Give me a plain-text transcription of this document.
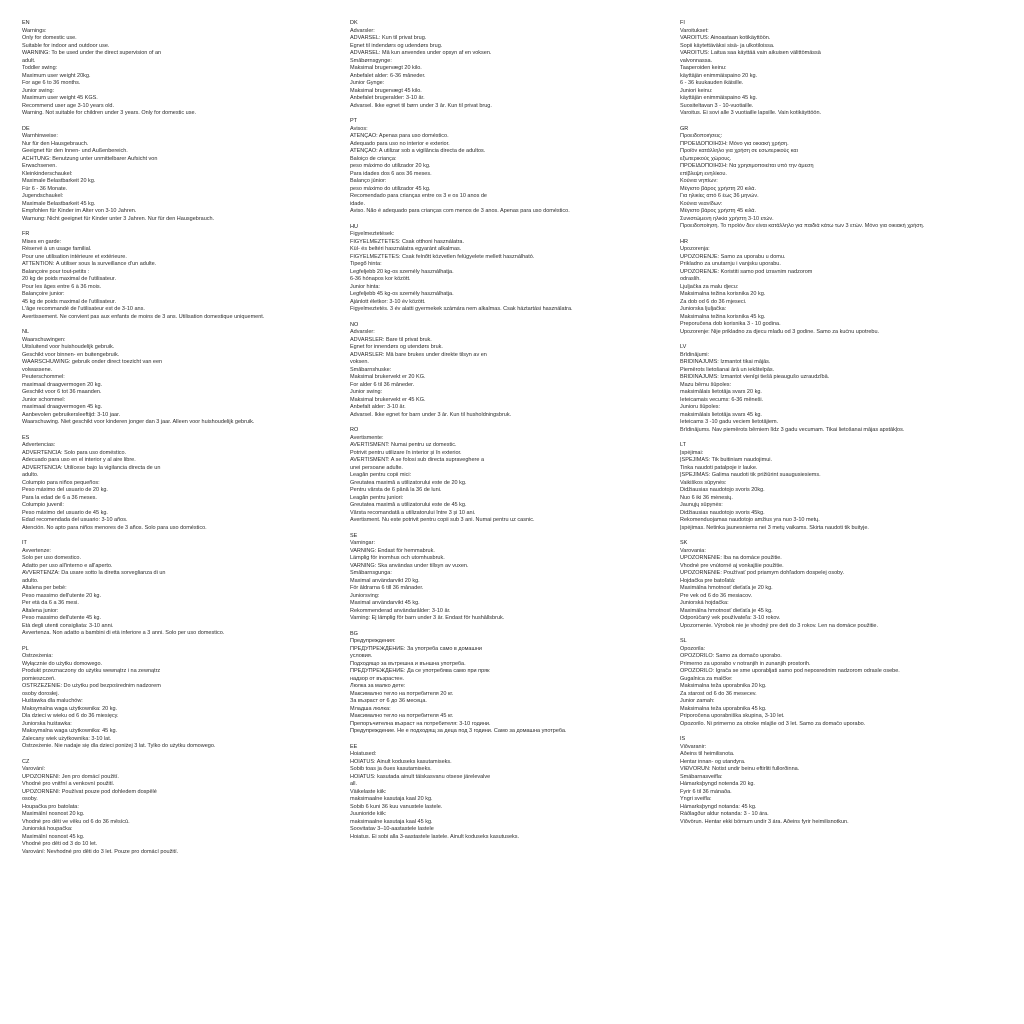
EN
Warnings:
Only for domestic use.
Suitable for indoor and outdoor use.
WARNING: To be used under the direct supervision of an
adult.
Toddler swing:
Maximum user weight 20kg.
For age 6 to 36 months.
Junior swing:
Maximum user weight 45 KGS.
Recommend user age 3-10 years old.
Warning. Not suitable for children under 3 years. Only for domestic use.
DE
Warnhinweise:
Nur für den Hausgebrauch.
Geeignet für den Innen- und Außenbereich.
ACHTUNG: Benutzung unter unmittelbarer Aufsicht von
Erwachsenen.
Kleinkinderschaukel:
Maximale Belastbarkeit 20 kg.
Für 6 - 36 Monate.
Jugendschaukel:
Maximale Belastbarkeit 45 kg.
Empfohlen für Kinder im Alter von 3-10 Jahren.
Warnung: Nicht geeignet für Kinder unter 3 Jahren. Nur für den Hausgebrauch.
FR
Mises en garde:
Réservé à un usage familial.
Pour une utilisation intérieure et extérieure.
ATTENTION: À utiliser sous la surveillance d'un adulte.
Balançoire pour tout-petits :
20 kg de poids maximal de l'utilisateur.
Pour les âges entre 6 à 36 mois.
Balançoire junior:
45 kg de poids maximal de l'utilisateur.
L'âge recommandé de l'utilisateur est de 3-10 ans.
Avertissement. Ne convient pas aux enfants de moins de 3 ans. Utilisation domestique uniquement.
NL
Waarschuwingen:
Uitsluitend voor huishoudelijk gebruik.
Geschikt voor binnen- en buitengebruik.
WAARSCHUWING: gebruik onder direct toezicht van een
volwassene.
Peuterschommel:
maximaal draagvermogen 20 kg.
Geschikt voor 6 tot 36 maanden.
Junior schommel:
maximaal draagvermogen 45 kg.
Aanbevolen gebruikersleeftijd: 3-10 jaar.
Waarschuwing. Niet geschikt voor kinderen jonger dan 3 jaar. Alleen voor huishoudelijk gebruik.
ES
Advertencias:
ADVERTENCIA: Solo para uso doméstico.
Adecuado para uso en el interior y al aire libre.
ADVERTENCIA: Utilícese bajo la vigilancia directa de un
adulto.
Columpio para niños pequeños:
Peso máximo del usuario de 20 kg.
Para la edad de 6 a 36 meses.
Columpio juvenil:
Peso máximo del usuario de 45 kg.
Edad recomendada del usuario: 3-10 años.
Atención. No apto para niños menores de 3 años. Solo para uso doméstico.
IT
Avvertenze:
Solo per uso domestico.
Adatto per uso all'interno e all'aperto.
AVVERTENZA: Da usare sotto la diretta sorveglianza di un
adulto.
Altalena per bebè:
Peso massimo dell'utente 20 kg.
Per età da 6 a 36 mesi.
Altalena junior:
Peso massimo dell'utente 45 kg.
Età degli utenti consigliata: 3-10 anni.
Avvertenza. Non adatto a bambini di età inferiore a 3 anni. Solo per uso domestico.
PL
Ostrzeżenia:
Wyłącznie do użytku domowego.
Produkt przeznaczony do użytku wewnątrz i na zewnątrz
pomieszczeń.
OSTRZEŻENIE: Do użytku pod bezpośrednim nadzorem
osoby dorosłej.
Huśtawka dla maluchów:
Maksymalna waga użytkownika: 20 kg.
Dla dzieci w wieku od 6 do 36 miesięcy.
Juniorska huśtawka:
Maksymalna waga użytkownika: 45 kg.
Zalecany wiek użytkownika: 3-10 lat.
Ostrzeżenie. Nie nadaje się dla dzieci poniżej 3 lat. Tylko do użytku domowego.
CZ
Varování:
UPOZORNĚNÍ: Jen pro domácí použití.
Vhodné pro vnitřní a venkovní použití.
UPOZORNĚNÍ: Používat pouze pod dohledem dospělé
osoby.
Houpačka pro batolata:
Maximální nosnost 20 kg.
Vhodné pro děti ve věku od 6 do 36 měsíců.
Juniorská houpačka:
Maximální nosnost 45 kg.
Vhodné pro děti od 3 do 10 let.
Varování: Nevhodné pro děti do 3 let. Pouze pro domácí použití.
DK
Advarsler:
ADVARSEL: Kun til privat brug.
Egnet til indendørs og udendørs brug.
ADVARSEL: Må kun anvendes under opsyn af en voksen.
Småbørnsgynge:
Maksimal brugervægt 20 kilo.
Anbefalet alder: 6-36 måneder.
Junior Gynge:
Maksimal brugervægt 45 kilo.
Anbefalet brugeralder: 3-10 år.
Advarsel. Ikke egnet til børn under 3 år. Kun til privat brug.
PT
Avisos:
ATENÇÃO: Apenas para uso doméstico.
Adequado para uso no interior e exterior.
ATENÇÃO: A utilizar sob a vigilância directa de adultos.
Baloiço de criança:
peso máximo do utilizador 20 kg.
Para idades dos 6 aos 36 meses.
Balanço júnior:
peso máximo do utilizador 45 kg.
Recomendado para crianças entre os 3 e os 10 anos de
idade.
Aviso. Não é adequado para crianças com menos de 3 anos. Apenas para uso doméstico.
HU
Figyelmeztetések:
FIGYELMEZTETÉS: Csak otthoni használatra.
Kül- és beltéri használatra egyaránt alkalmas.
FIGYELMEZTETÉS: Csak felnőtt közvetlen felügyelete mellett használható.
Tipegő hinta:
Legfeljebb 20 kg-os személy használhatja.
6-36 hónapos kor között.
Junior hinta:
Legfeljebb 45 kg-os személy használhatja.
Ajánlott életkor: 3-10 év között.
Figyelmeztetés. 3 év alatti gyermekek számára nem alkalmas. Csak háztartási használatra.
NO
Advarsler:
ADVARSLER: Bare til privat bruk.
Egnet for innendørs og utendørs bruk.
ADVARSLER: Må bare brukes under direkte tilsyn av en
voksen.
Småbarnshuske:
Maksimal brukervekt er 20 KG.
For alder 6 til 36 måneder.
Junior swing:
Maksimal brukervekt er 45 KG.
Anbefalt alder: 3-10 år.
Advarsel. Ikke egnet for barn under 3 år. Kun til husholdningsbruk.
RO
Avertismente:
AVERTISMENT: Numai pentru uz domestic.
Potrivit pentru utilizare în interior și în exterior.
AVERTISMENT: A se folosi sub directa supraveghere a
unei persoane adulte.
Leagăn pentru copii mici:
Greutatea maximă a utilizatorului este de 20 kg.
Pentru vârsta de 6 până la 36 de luni.
Leagăn pentru juniori:
Greutatea maximă a utilizatorului este de 45 kg.
Vârsta recomandată a utilizatorului între 3 și 10 ani.
Avertisment. Nu este potrivit pentru copii sub 3 ani. Numai pentru uz casnic.
SE
Varningar:
VARNING: Endast för hemmabruk.
Lämplig för inomhus och utomhusbruk.
VARNING: Ska användas under tillsyn av vuxen.
Småbarnsgunga:
Maximal användarvikt 20 kg.
För åldrarna 6 till 36 månader.
Juniorsving:
Maximal användarvikt 45 kg.
Rekommenderad användarålder: 3-10 år.
Varning: Ej lämplig för barn under 3 år. Endast för hushållsbruk.
BG
Предупреждения:
ПРЕДУПРЕЖДЕНИЕ: За употреба само в домашни
условия.
Подходящо за вътрешна и външна употреба.
ПРЕДУПРЕЖДЕНИЕ: Да се употребява само при пряк
надзор от възрастен.
Люлка за малко дете:
Максимално тегло на потребителя 20 кг.
За възраст от 6 до 36 месеца.
Младша люлка:
Максимално тегло на потребителя 45 кг.
Препоръчителна възраст на потребителя: 3-10 години.
Предупреждение. Не е подходящ за деца под 3 години. Само за домашна употреба.
EE
Hoiatused:
HOIATUS: Ainult koduseks kasutamiseks.
Sobib toas ja õues kasutamiseks.
HOIATUS: kasutada ainult täiskasvanu otsese järelevalve
all.
Väikelaste kiik:
maksimaalne kasutaja kaal 20 kg.
Sobib 6 kuni 36 kuu vanustele lastele.
Juunioride kiik:
maksimaalne kasutaja kaal 45 kg.
Soovitatav 3–10-aastastele lastele
Hoiatus. Ei sobi alla 3-aastastele lastele. Ainult koduseks kasutuseks.
FI
Varoitukset:
VAROITUS: Ainoastaan kotikäyttöön.
Sopii käytettäväksi sisä- ja ulkotiloissa.
VAROITUS: Laitua saa käyttää vain aikuisen välittömässä
valvonnassa.
Taaperoiden keinu:
käyttäjän enimmäispaino 20 kg.
6 - 36 kuukauden ikäisille.
Juniori keinu:
käyttäjän enimmäispaino 45 kg.
Suositeltavan 3 - 10-vuotiaille.
Varoitus. Ei sovi alle 3 vuotiaille lapsille. Vain kotikäyttöön.
GR
Προειδοποιήσεις:
ΠΡΟΕΙΔΟΠΟΙΗΣΗ: Μόνο για οικιακή χρήση.
Προϊόν κατάλληλο για χρήση σε εσωτερικούς και
εξωτερικούς χώρους.
ΠΡΟΕΙΔΟΠΟΙΗΣΗ: Να χρησιμοποιείται υπό την άμεση
επίβλεψη ενηλίκου.
Κούνια νηπίων:
Μέγιστο βάρος χρήστη 20 κιλά.
Για ηλικίες από 6 έως 36 μηνών.
Κούνια νεανίδων:
Μέγιστο βάρος χρήστη 45 κιλά.
Συνιστώμενη ηλικία χρήστη 3-10 ετών.
Προειδοποίηση. Το προϊόν δεν είναι κατάλληλο για παιδιά κάτω των 3 ετών. Μόνο για οικιακή χρήση.
HR
Upozorenja:
UPOZORENJE: Samo za uporabu u domu.
Prikladno za unutarnju i vanjsku uporabu.
UPOZORENJE: Koristiti samo pod izravnim nadzorom
odraslih.
Ljuljačka za malu djecu:
Maksimalna težina korisnika 20 kg.
Za dob od 6 do 36 mjeseci.
Juniorska ljuljačka:
Maksimalna težina korisnika 45 kg.
Preporučena dob korisnika 3 - 10 godina.
Upozorenje: Nije prikladno za djecu mlađu od 3 godine. Samo za kućnu upotrebu.
LV
Brīdinājumi:
BRĪDINĀJUMS: Izmantot tikai mājās.
Piemērots lietošanai ārā un iekštelpās.
BRĪDINĀJUMS: Izmantot vienīgi tiešā pieaugušo uzraudzībā.
Mazu bērnu šūpoles:
maksimālais lietotāja svars 20 kg.
Ieteicamais vecums: 6-36 mēneši.
Junioru šūpoles:
maksimālais lietotāja svars 45 kg.
Ieteicams 3 -10 gadu veciem lietotājiem.
Brīdinājums. Nav piemērots bērniem līdz 3 gadu vecumam. Tikai lietošanai mājas apstākļos.
LT
Įspėjimai:
ĮSPĖJIMAS: Tik buitiniam naudojimui.
Tinka naudoti patalpoje ir lauke.
ĮSPĖJIMAS: Galima naudoti tik prižiūrint suaugusiesiems.
Vaikiškos sūpynės:
Didžiausias naudotojo svoris 20kg.
Nuo 6 iki 36 mėnesių.
Jaunųjų sūpynės:
Didžiausias naudotojo svoris 45kg.
Rekomenduojamas naudotojo amžius yra nuo 3-10 metų.
Įspėjimas. Netinka jaunesniems nei 3 metų vaikams. Skirta naudoti tik buityje.
SK
Varovania:
UPOZORNENIE: Iba na domáce použitie.
Vhodné pre vnútorné aj vonkajšie použitie.
UPOZORNENIE: Používať pod priamym dohľadom dospelej osoby.
Hojdačka pre batoľatá:
Maximálna hmotnosť dieťaťa je 20 kg.
Pre vek od 6 do 36 mesiacov.
Juniorská hojdačka:
Maximálna hmotnosť dieťaťa je 45 kg.
Odporúčaný vek používateľa: 3-10 rokov.
Upozornenie. Výrobok nie je vhodný pre deti do 3 rokov. Len na domáce použitie.
SL
Opozorila:
OPOZORILO: Samo za domačo uporabo.
Primerno za uporabo v notranjih in zunanjih prostorih.
OPOZORILO: Igrača se sme uporabljati samo pod neposrednim nadzorom odrasle osebe.
Gugalnica za malčke:
Maksimalna teža uporabnika 20 kg.
Za starost od 6 do 36 mesecev.
Junior zamah:
Maksimalna teža uporabnika 45 kg.
Priporočena uporabniška skupina, 3-10 let.
Opozorilo. Ni primerno za otroke mlajše od 3 let. Samo za domačo uporabo.
IS
Viðvaranir:
Aðeins til heimilisnota.
Hentar innan- og utandyra.
VIÐVÖRUN: Notist undir beinu eftirliti fullorðinna.
Smábarnasveifla:
Hámarksþyngd notenda 20 kg.
Fyrir 6 til 36 mánaða.
Yngri sveifla:
Hámarksþyngd notanda: 45 kg.
Ráðlagður aldur notanda: 3 - 10 ára.
Viðvörun. Hentar ekki börnum undir 3 ára. Aðeins fyrir heimilisnotkun.
